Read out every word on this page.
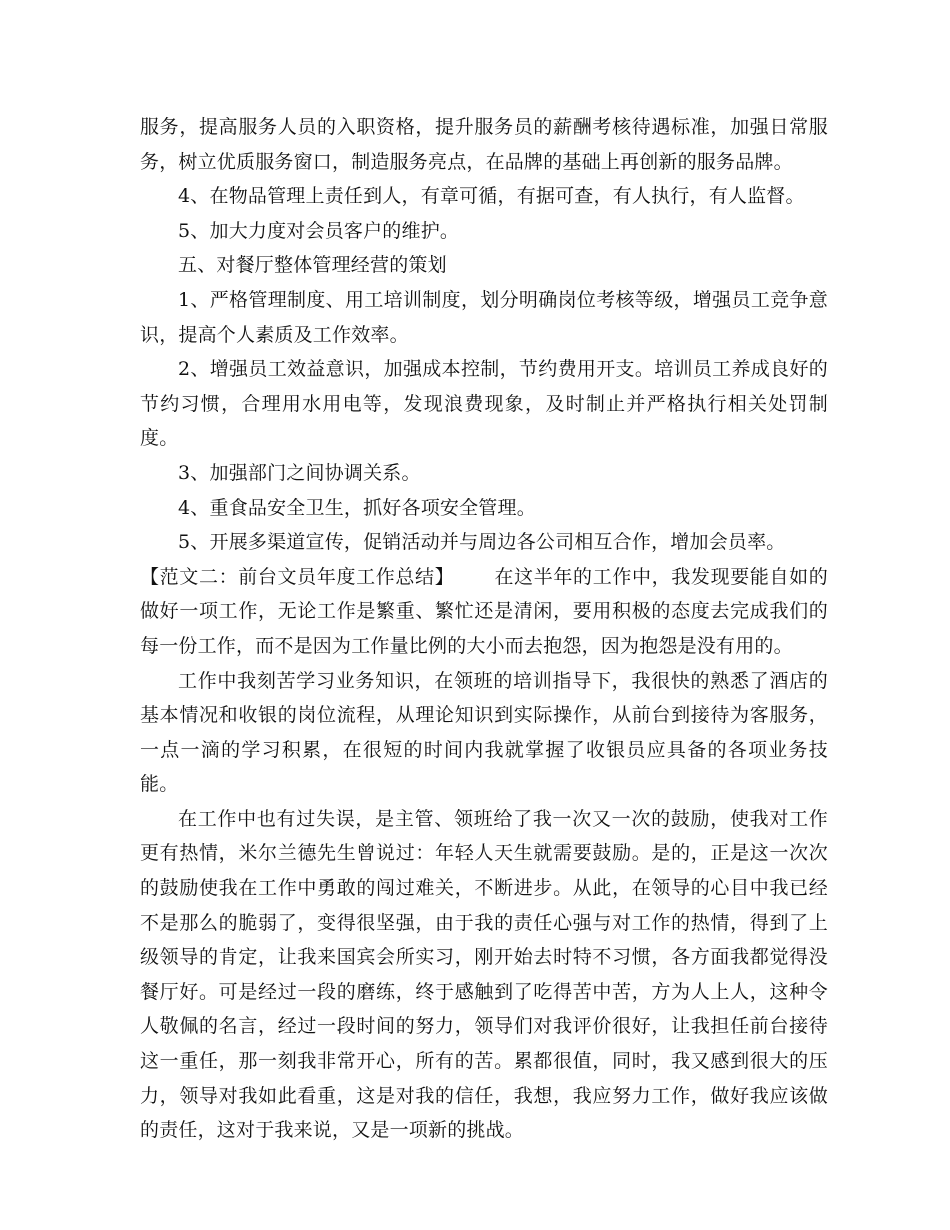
服务，提高服务人员的入职资格，提升服务员的薪酬考核待遇标准，加强日常服务，树立优质服务窗口，制造服务亮点，在品牌的基础上再创新的服务品牌。

4、在物品管理上责任到人，有章可循，有据可查，有人执行，有人监督。

5、加大力度对会员客户的维护。

五、对餐厅整体管理经营的策划

1、严格管理制度、用工培训制度，划分明确岗位考核等级，增强员工竞争意识，提高个人素质及工作效率。

2、增强员工效益意识，加强成本控制，节约费用开支。培训员工养成良好的节约习惯，合理用水用电等，发现浪费现象，及时制止并严格执行相关处罚制度。

3、加强部门之间协调关系。

4、重食品安全卫生，抓好各项安全管理。

5、开展多渠道宣传，促销活动并与周边各公司相互合作，增加会员率。

【范文二：前台文员年度工作总结】 在这半年的工作中，我发现要能自如的做好一项工作，无论工作是繁重、繁忙还是清闲，要用积极的态度去完成我们的每一份工作，而不是因为工作量比例的大小而去抱怨，因为抱怨是没有用的。

工作中我刻苦学习业务知识，在领班的培训指导下，我很快的熟悉了酒店的基本情况和收银的岗位流程，从理论知识到实际操作，从前台到接待为客服务，一点一滴的学习积累，在很短的时间内我就掌握了收银员应具备的各项业务技能。

在工作中也有过失误，是主管、领班给了我一次又一次的鼓励，使我对工作更有热情，米尔兰德先生曾说过：年轻人天生就需要鼓励。是的，正是这一次次的鼓励使我在工作中勇敢的闯过难关，不断进步。从此，在领导的心目中我已经不是那么的脆弱了，变得很坚强，由于我的责任心强与对工作的热情，得到了上级领导的肯定，让我来国宾会所实习，刚开始去时特不习惯，各方面我都觉得没餐厅好。可是经过一段的磨练，终于感触到了吃得苦中苦，方为人上人，这种令人敬佩的名言，经过一段时间的努力，领导们对我评价很好，让我担任前台接待这一重任，那一刻我非常开心，所有的苦。累都很值，同时，我又感到很大的压力，领导对我如此看重，这是对我的信任，我想，我应努力工作，做好我应该做的责任，这对于我来说，又是一项新的挑战。
